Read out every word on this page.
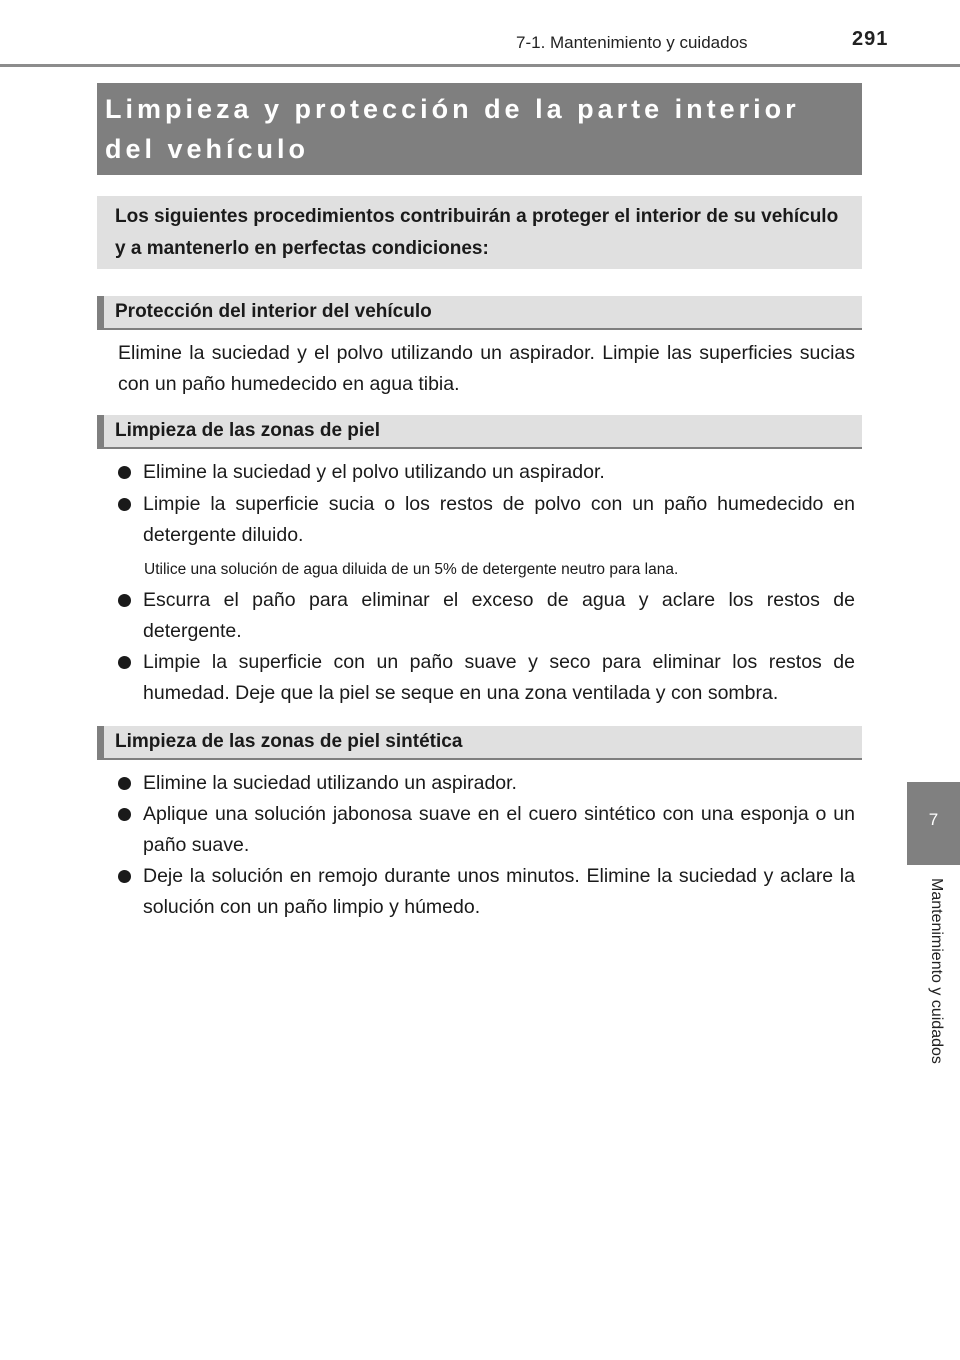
7-1. Mantenimiento y cuidados	291
Limpieza y protección de la parte interior del vehículo
Los siguientes procedimientos contribuirán a proteger el interior de su vehículo y a mantenerlo en perfectas condiciones:
Protección del interior del vehículo
Elimine la suciedad y el polvo utilizando un aspirador. Limpie las superficies sucias con un paño humedecido en agua tibia.
Limpieza de las zonas de piel
Elimine la suciedad y el polvo utilizando un aspirador.
Limpie la superficie sucia o los restos de polvo con un paño humedecido en detergente diluido.
Utilice una solución de agua diluida de un 5% de detergente neutro para lana.
Escurra el paño para eliminar el exceso de agua y aclare los restos de detergente.
Limpie la superficie con un paño suave y seco para eliminar los restos de humedad. Deje que la piel se seque en una zona ventilada y con sombra.
Limpieza de las zonas de piel sintética
Elimine la suciedad utilizando un aspirador.
Aplique una solución jabonosa suave en el cuero sintético con una esponja o un paño suave.
Deje la solución en remojo durante unos minutos. Elimine la suciedad y aclare la solución con un paño limpio y húmedo.
7
Mantenimiento y cuidados
